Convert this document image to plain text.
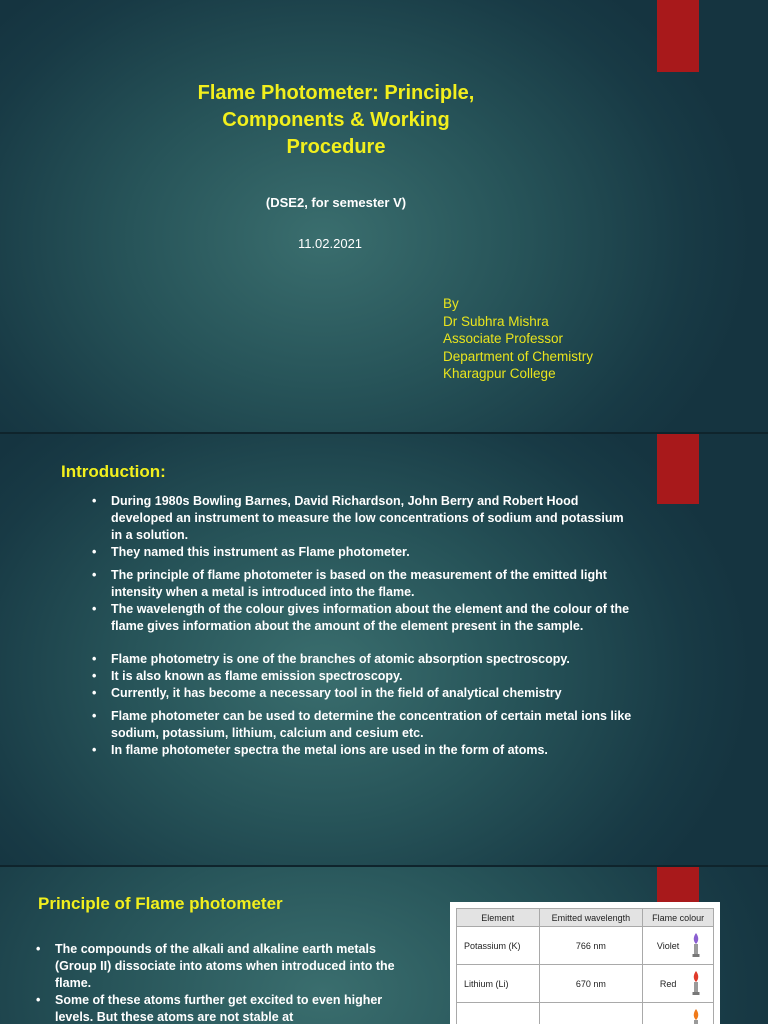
Flame Photometer: Principle,
Components & Working
Procedure
(DSE2, for semester V)
11.02.2021
By
Dr Subhra Mishra
Associate Professor
Department of Chemistry
Kharagpur College
Introduction:
• During 1980s Bowling Barnes, David Richardson, John Berry and Robert Hood developed an instrument to measure the low concentrations of sodium and potassium in a solution.
• They named this instrument as Flame photometer.
• The principle of flame photometer is based on the measurement of the emitted light intensity when a metal is introduced into the flame.
• The wavelength of the colour gives information about the element and the colour of the flame gives information about the amount of the element present in the sample.
• Flame photometry is one of the branches of atomic absorption spectroscopy.
• It is also known as flame emission spectroscopy.
• Currently, it has become a necessary tool in the field of analytical chemistry
• Flame photometer can be used to determine the concentration of certain metal ions like sodium, potassium, lithium, calcium and cesium etc.
• In flame photometer spectra the metal ions are used in the form of atoms.
Principle of Flame photometer
• The compounds of the alkali and alkaline earth metals (Group II) dissociate into atoms when introduced into the flame.
• Some of these atoms further get excited to even higher levels. But these atoms are not stable at
Element	Emitted wavelength	Flame colour
Potassium (K)	766 nm	Violet

Lithium (Li)	670 nm	Red
